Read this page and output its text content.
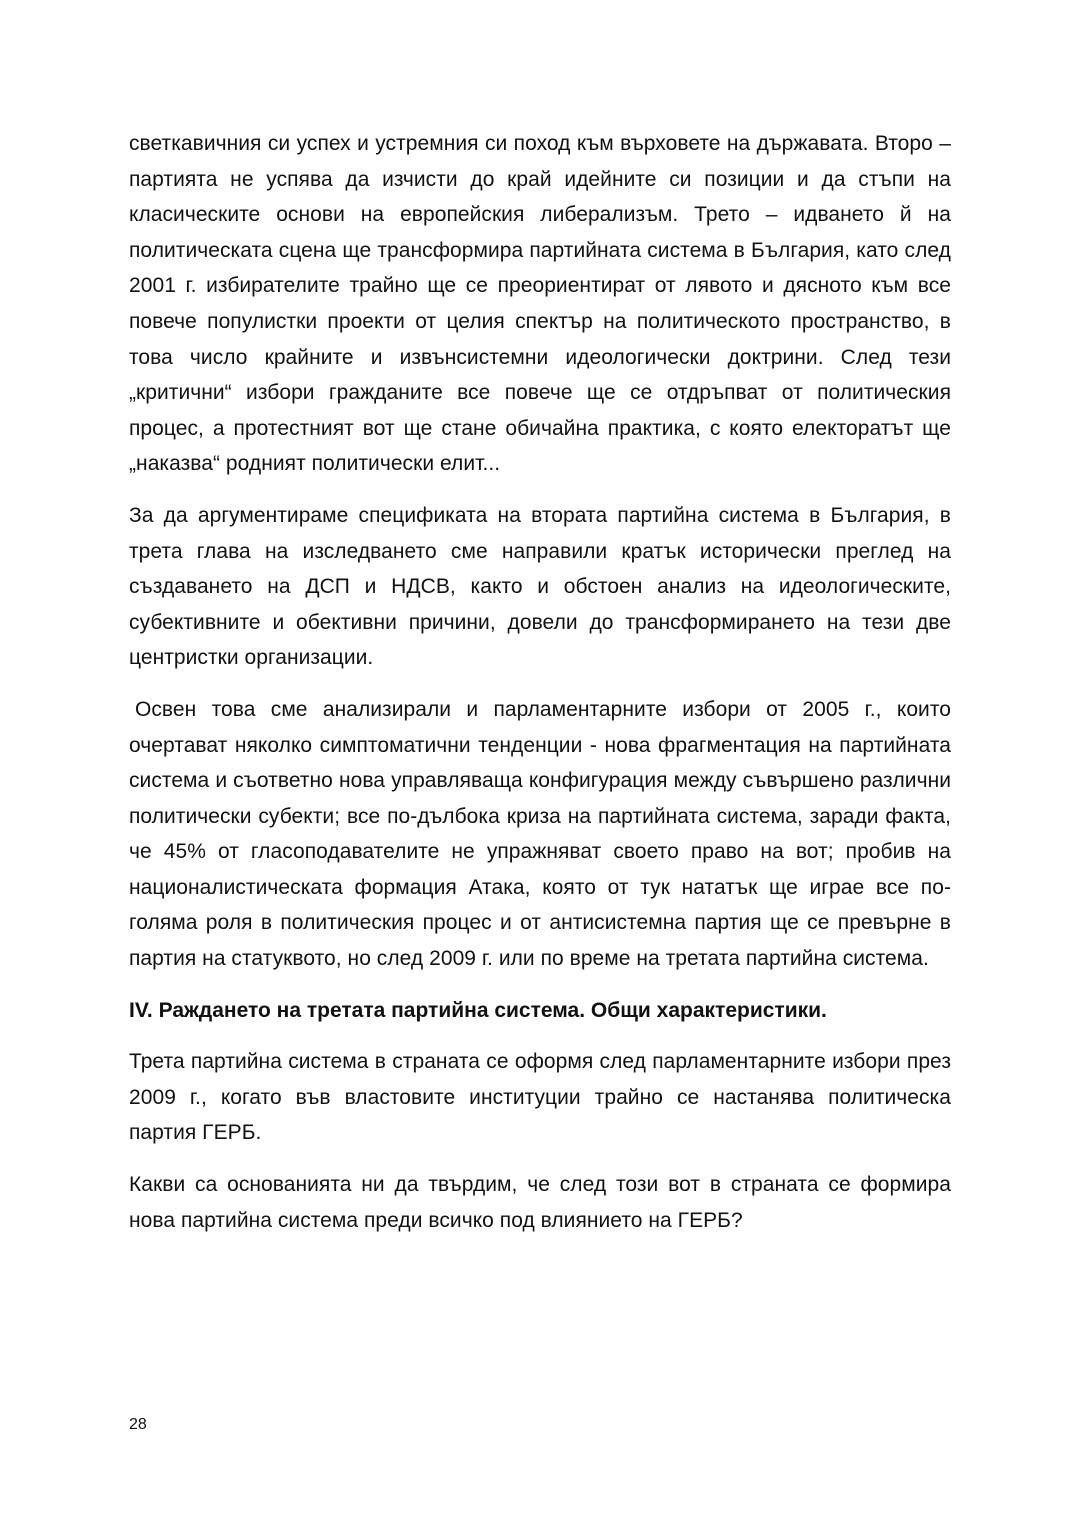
светкавичния си успех и устремния си поход към върховете на държавата. Второ – партията не успява да изчисти до край идейните си позиции и да стъпи на класическите основи на европейския либерализъм. Трето – идването й на политическата сцена ще трансформира партийната система в България, като след 2001 г. избирателите трайно ще се преориентират от лявото и дясното към все повече популистки проекти от целия спектър на политическото пространство, в това число крайните и извънсистемни идеологически доктрини. След тези „критични“ избори гражданите все повече ще се отдръпват от политическия процес, а протестният вот ще стане обичайна практика, с която електоратът ще „наказва“ родният политически елит...

За да аргументираме спецификата на втората партийна система в България, в трета глава на изследването сме направили кратък исторически преглед на създаването на ДСП и НДСВ, както и обстоен анализ на идеологическите, субективните и обективни причини, довели до трансформирането на тези две центристки организации.

Освен това сме анализирали и парламентарните избори от 2005 г., които очертават няколко симптоматични тенденции - нова фрагментация на партийната система и съответно нова управляваща конфигурация между съвършено различни политически субекти; все по-дълбока криза на партийната система, заради факта, че 45% от гласоподавателите не упражняват своето право на вот; пробив на националистическата формация Атака, която от тук нататък ще играе все по-голяма роля в политическия процес и от антисистемна партия ще се превърне в партия на статуквото, но след 2009 г. или по време на третата партийна система.

IV. Раждането на третата партийна система. Общи характеристики.

Трета партийна система в страната се оформя след парламентарните избори през 2009 г., когато във властовите институции трайно се настанява политическа партия ГЕРБ.

Какви са основанията ни да твърдим, че след този вот в страната се формира нова партийна система преди всичко под влиянието на ГЕРБ?

28
